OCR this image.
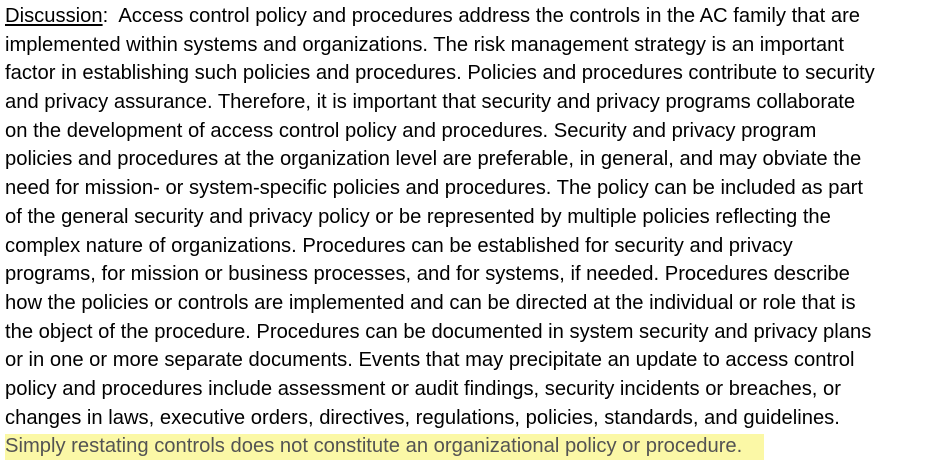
Discussion:  Access control policy and procedures address the controls in the AC family that are
implemented within systems and organizations. The risk management strategy is an important
factor in establishing such policies and procedures. Policies and procedures contribute to security
and privacy assurance. Therefore, it is important that security and privacy programs collaborate
on the development of access control policy and procedures. Security and privacy program
policies and procedures at the organization level are preferable, in general, and may obviate the
need for mission- or system-specific policies and procedures. The policy can be included as part
of the general security and privacy policy or be represented by multiple policies reflecting the
complex nature of organizations. Procedures can be established for security and privacy
programs, for mission or business processes, and for systems, if needed. Procedures describe
how the policies or controls are implemented and can be directed at the individual or role that is
the object of the procedure. Procedures can be documented in system security and privacy plans
or in one or more separate documents. Events that may precipitate an update to access control
policy and procedures include assessment or audit findings, security incidents or breaches, or
changes in laws, executive orders, directives, regulations, policies, standards, and guidelines.
Simply restating controls does not constitute an organizational policy or procedure.
